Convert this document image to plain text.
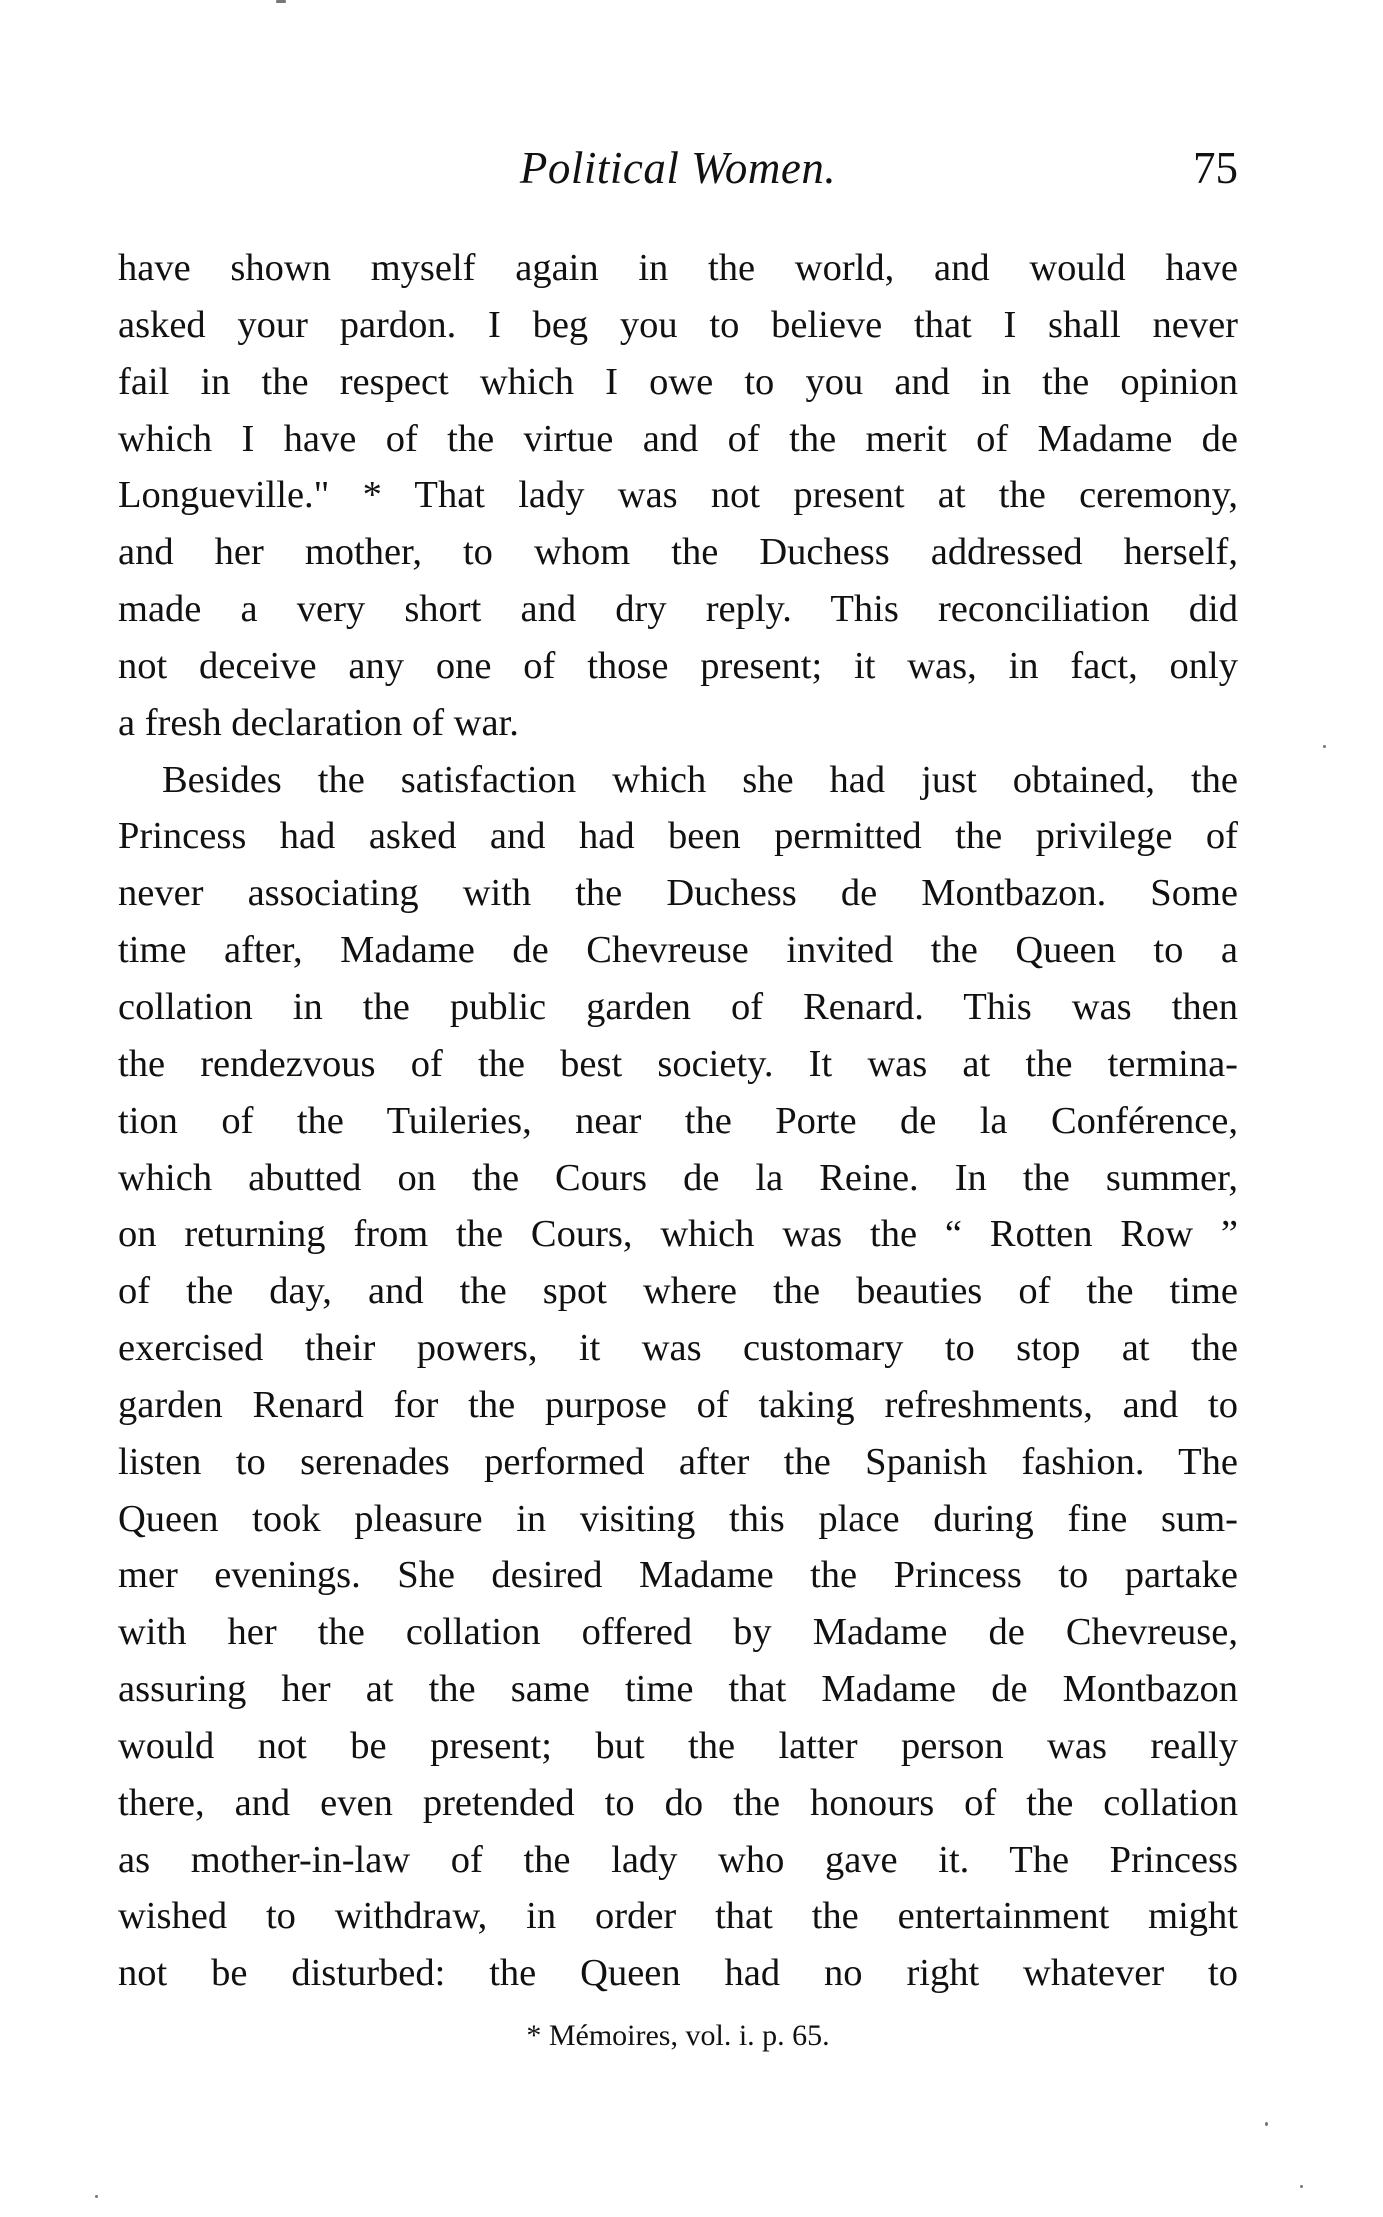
Political Women.	75
have shown myself again in the world, and would have
asked your pardon. I beg you to believe that I shall never
fail in the respect which I owe to you and in the opinion
which I have of the virtue and of the merit of Madame de
Longueville." * That lady was not present at the ceremony,
and her mother, to whom the Duchess addressed herself,
made a very short and dry reply. This reconciliation did
not deceive any one of those present; it was, in fact, only
a fresh declaration of war.
Besides the satisfaction which she had just obtained, the
Princess had asked and had been permitted the privilege of
never associating with the Duchess de Montbazon. Some
time after, Madame de Chevreuse invited the Queen to a
collation in the public garden of Renard. This was then
the rendezvous of the best society. It was at the termina-
tion of the Tuileries, near the Porte de la Conférence,
which abutted on the Cours de la Reine. In the summer,
on returning from the Cours, which was the “ Rotten Row ”
of the day, and the spot where the beauties of the time
exercised their powers, it was customary to stop at the
garden Renard for the purpose of taking refreshments, and to
listen to serenades performed after the Spanish fashion. The
Queen took pleasure in visiting this place during fine sum-
mer evenings. She desired Madame the Princess to partake
with her the collation offered by Madame de Chevreuse,
assuring her at the same time that Madame de Montbazon
would not be present; but the latter person was really
there, and even pretended to do the honours of the collation
as mother-in-law of the lady who gave it. The Princess
wished to withdraw, in order that the entertainment might
not be disturbed: the Queen had no right whatever to
* Mémoires, vol. i. p. 65.
